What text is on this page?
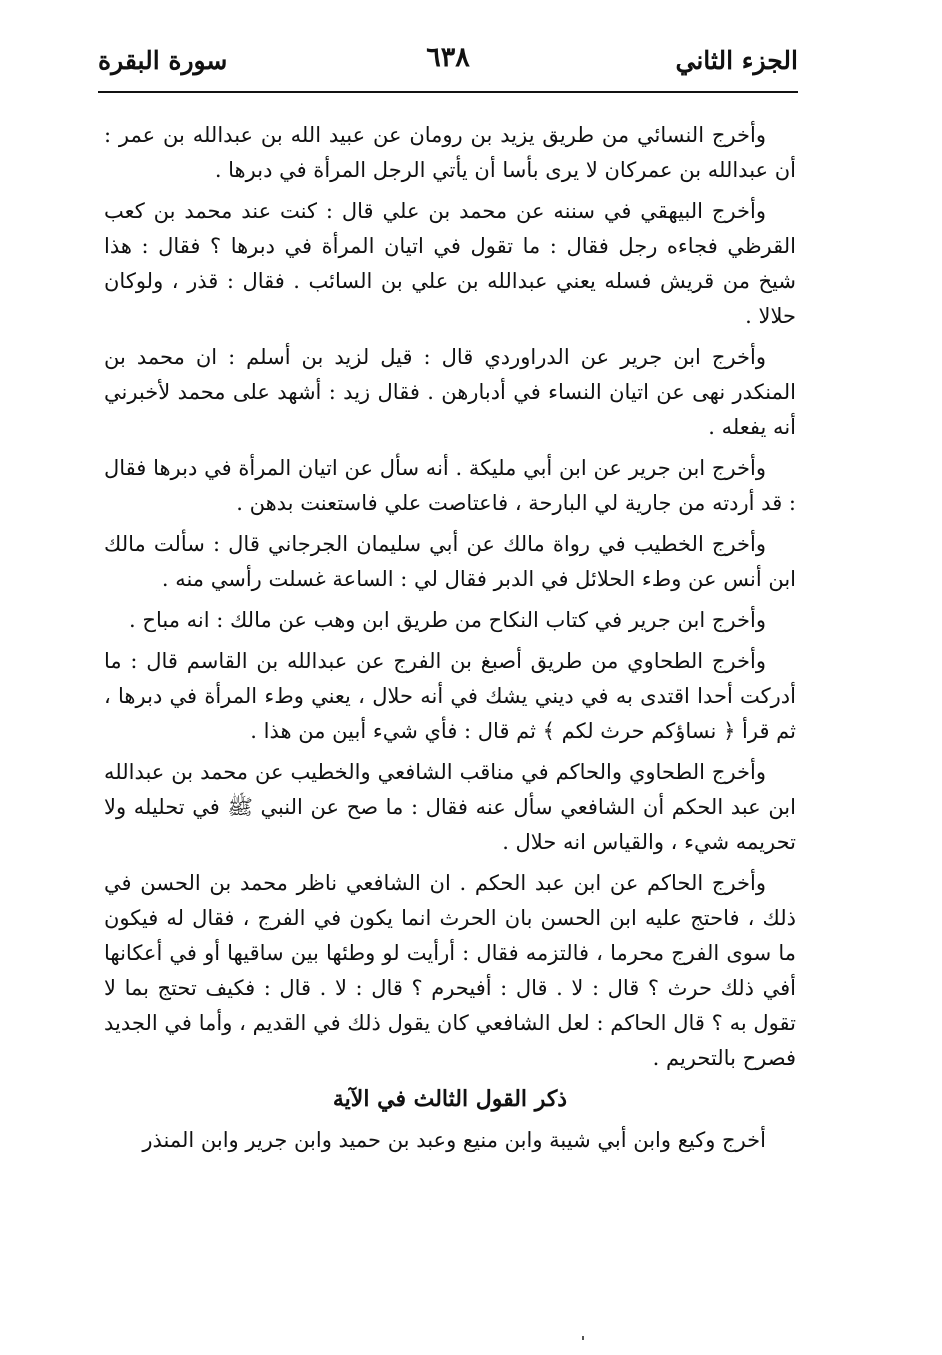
الجزء الثاني
٦٣٨
سورة البقرة

وأخرج النسائي من طريق يزيد بن رومان عن عبيد الله بن عبدالله بن عمر : أن عبدالله بن عمركان لا يرى بأسا أن يأتي الرجل المرأة في دبرها .

وأخرج البيهقي في سننه عن محمد بن علي قال : كنت عند محمد بن كعب القرظي فجاءه رجل فقال : ما تقول في اتيان المرأة في دبرها ؟ فقال : هذا شيخ من قريش فسله يعني عبدالله بن علي بن السائب . فقال : قذر ، ولوكان حلالا .

وأخرج ابن جرير عن الدراوردي قال : قيل لزيد بن أسلم : ان محمد بن المنكدر نهى عن اتيان النساء في أدبارهن . فقال زيد : أشهد على محمد لأخبرني أنه يفعله .

وأخرج ابن جرير عن ابن أبي مليكة . أنه سأل عن اتيان المرأة في دبرها فقال : قد أردته من جارية لي البارحة ، فاعتاصت علي فاستعنت بدهن .

وأخرج الخطيب في رواة مالك عن أبي سليمان الجرجاني قال : سألت مالك ابن أنس عن وطء الحلائل في الدبر فقال لي : الساعة غسلت رأسي منه .

وأخرج ابن جرير في كتاب النكاح من طريق ابن وهب عن مالك : انه مباح .

وأخرج الطحاوي من طريق أصبغ بن الفرج عن عبدالله بن القاسم قال : ما أدركت أحدا اقتدى به في ديني يشك في أنه حلال ، يعني وطء المرأة في دبرها ، ثم قرأ ﴿ نساؤكم حرث لكم ﴾ ثم قال : فأي شيء أبين من هذا .

وأخرج الطحاوي والحاكم في مناقب الشافعي والخطيب عن محمد بن عبدالله ابن عبد الحكم أن الشافعي سأل عنه فقال : ما صح عن النبي ﷺ في تحليله ولا تحريمه شيء ، والقياس انه حلال .

وأخرج الحاكم عن ابن عبد الحكم . ان الشافعي ناظر محمد بن الحسن في ذلك ، فاحتج عليه ابن الحسن بان الحرث انما يكون في الفرج ، فقال له فيكون ما سوى الفرج محرما ، فالتزمه فقال : أرأيت لو وطئها بين ساقيها أو في أعكانها أفي ذلك حرث ؟ قال : لا . قال : أفيحرم ؟ قال : لا . قال : فكيف تحتج بما لا تقول به ؟ قال الحاكم : لعل الشافعي كان يقول ذلك في القديم ، وأما في الجديد فصرح بالتحريم .

ذكر القول الثالث في الآية

أخرج وكيع وابن أبي شيبة وابن منيع وعبد بن حميد وابن جرير وابن المنذر
